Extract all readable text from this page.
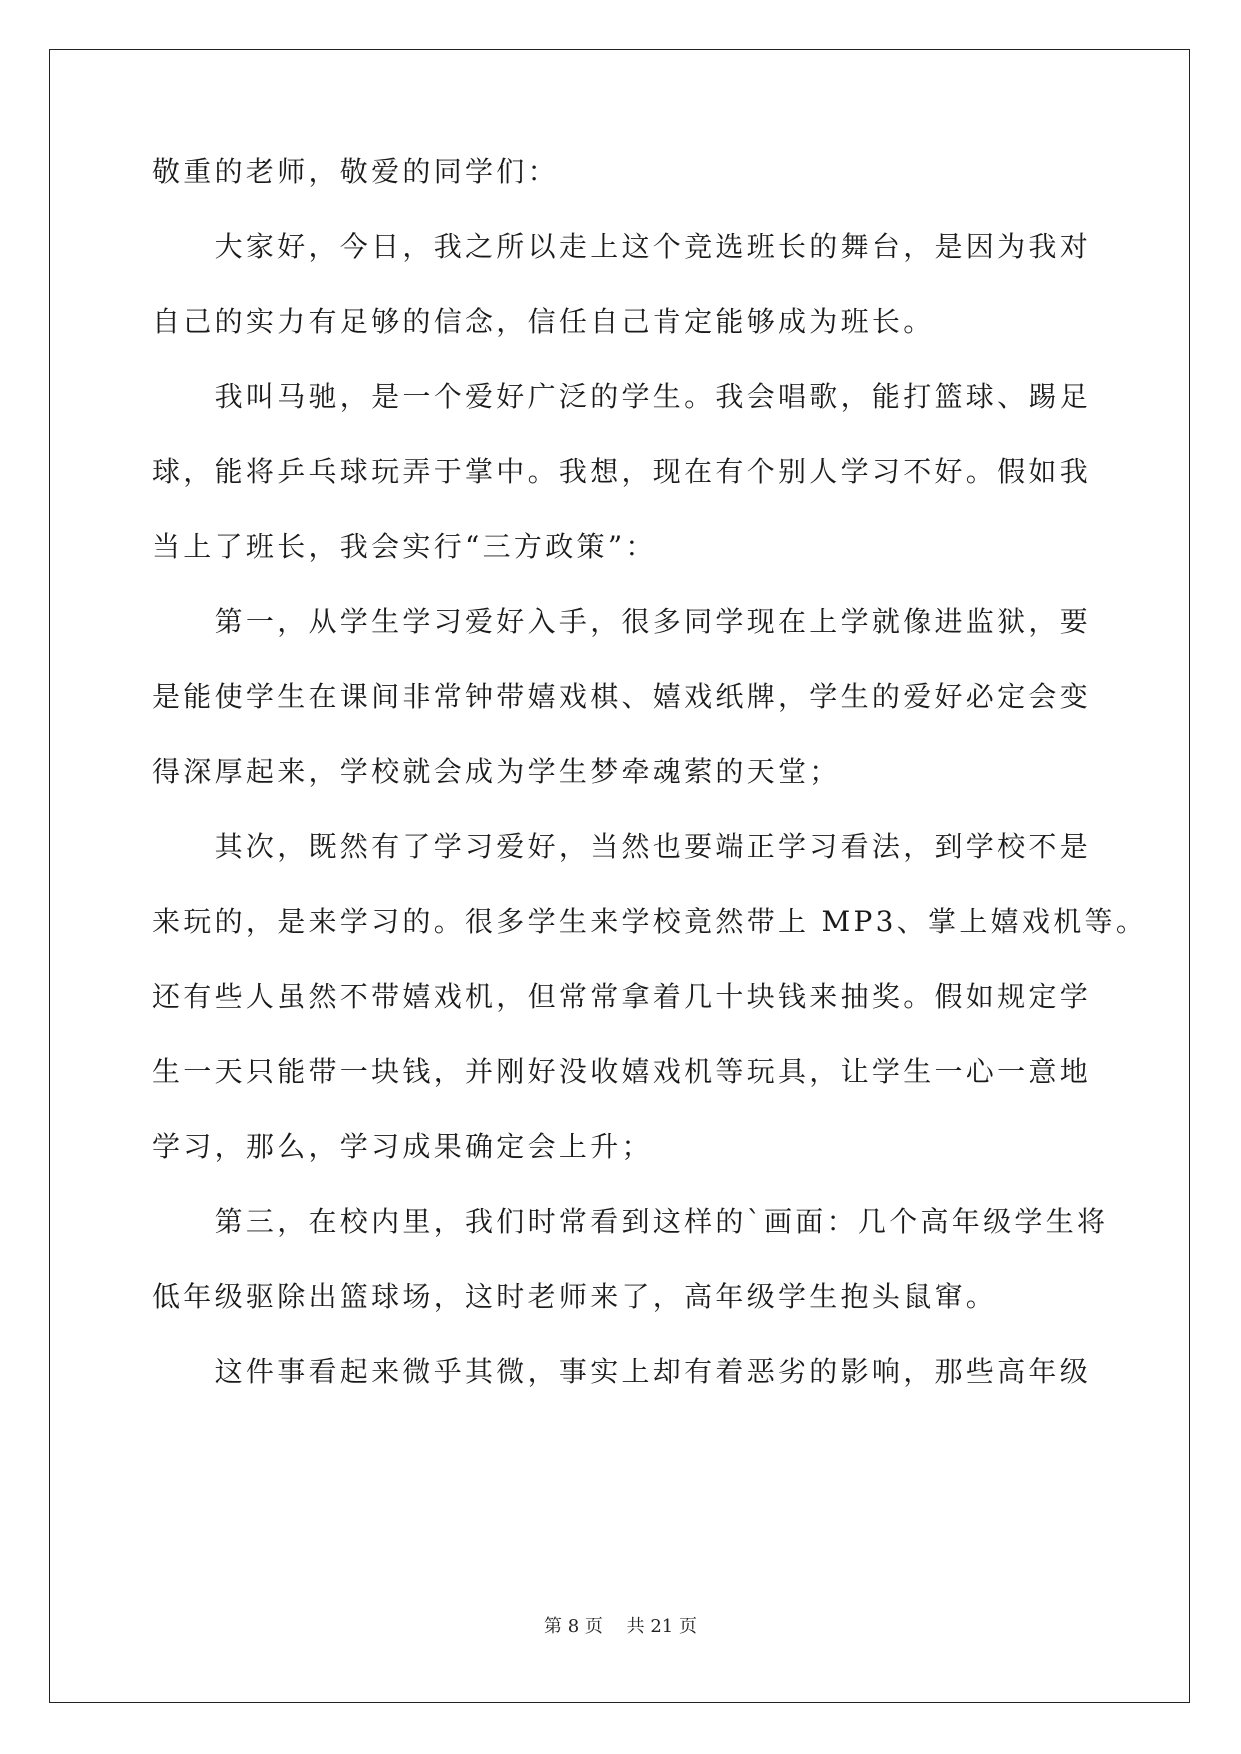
敬重的老师，敬爱的同学们：

　　大家好，今日，我之所以走上这个竞选班长的舞台，是因为我对

自己的实力有足够的信念，信任自己肯定能够成为班长。

　　我叫马驰，是一个爱好广泛的学生。我会唱歌，能打篮球、踢足

球，能将乒乓球玩弄于掌中。我想，现在有个别人学习不好。假如我

当上了班长，我会实行“三方政策”：

　　第一，从学生学习爱好入手，很多同学现在上学就像进监狱，要

是能使学生在课间非常钟带嬉戏棋、嬉戏纸牌，学生的爱好必定会变

得深厚起来，学校就会成为学生梦牵魂萦的天堂；

　　其次，既然有了学习爱好，当然也要端正学习看法，到学校不是

来玩的，是来学习的。很多学生来学校竟然带上 MP3、掌上嬉戏机等。

还有些人虽然不带嬉戏机，但常常拿着几十块钱来抽奖。假如规定学

生一天只能带一块钱，并刚好没收嬉戏机等玩具，让学生一心一意地

学习，那么，学习成果确定会上升；

　　第三，在校内里，我们时常看到这样的`画面：几个高年级学生将

低年级驱除出篮球场，这时老师来了，高年级学生抱头鼠窜。

　　这件事看起来微乎其微，事实上却有着恶劣的影响，那些高年级

第 8 页　 共 21 页
